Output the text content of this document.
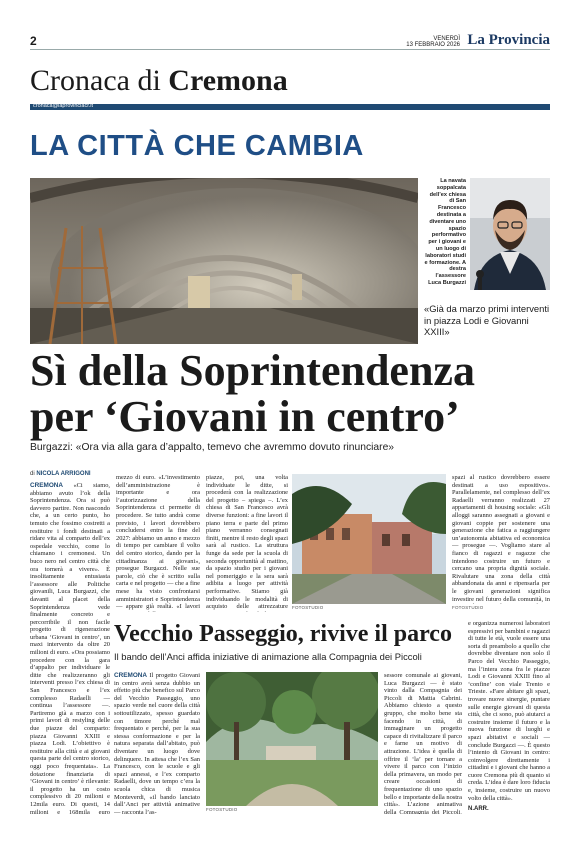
2	VENERDÌ
13 FEBBRAIO 2026 La Provincia
Cronaca di Cremona
cronaca@laprovinciacr.it
LA CITTÀ CHE CAMBIA
La navata soppalcata dell’ex chiesa di San Francesco destinata a diventare uno spazio performativo per i giovani e un luogo di laboratori studi e formazione. A destra l’assessore Luca Burgazzi
«Già da marzo primi interventi in piazza Lodi e Giovanni XXIII»
Sì della Soprintendenza
per ‘Giovani in centro’
Burgazzi: «Ora via alla gara d’appalto, temevo che avremmo dovuto rinunciare»
di NICOLA ARRIGONI
CREMONA «Ci siamo, abbiamo avuto l’ok della Soprintendenza. Ora si può davvero partire. Non nascondo che, a un certo punto, ho temuto che fossimo costretti a restituire i fondi destinati a ridare vita al comparto dell’ex ospedale vecchio, come lo chiamano i cremonesi. Un buco nero nel centro città che ora tornerà a vivere». È insolitamente entusiasta l’assessore alle Politiche giovanili, Luca Burgazzi, che davanti al placet della Soprintendenza vede finalmente concreto e percorribile il non facile progetto di rigenerazione urbana ‘Giovani in centro’, un maxi intervento da oltre 20 milioni di euro. «Ora possiamo procedere con la gara d’appalto per individuare le ditte che realizzeranno gli interventi presso l’ex chiesa di San Francesco e l’ex complesso Radaelli — continua l’assessore —. Partiremo già a marzo con i primi lavori di restyling delle due piazze del comparto: piazza Giovanni XXIII e piazza Lodi. L’obiettivo è restituire alla città e ai giovani questa parte del centro storico, oggi poco frequentata». La dotazione finanziaria di ‘Giovani in centro’ è rilevante: il progetto ha un costo complessivo di 20 milioni e 12mila euro. Di questi, 14 milioni e 168mila euro
mezzo di euro. «L’investimento dell’amministrazione è importante e ora l’autorizzazione della Soprintendenza ci permette di procedere. Se tutto andrà come previsto, i lavori dovrebbero concludersi entro la fine del 2027: abbiamo un anno e mezzo di tempo per cambiare il volto del centro storico, dando per la cittadinanza ai giovani», prosegue Burgazzi. Nelle sue parole, ciò che è scritto sulla carta e nel progetto — che a fine mese ha visto confrontarsi amministratori e Soprintendenza — appare già realtà. «I lavori
piazze, poi, una volta individuate le ditte, si procederà con la realizzazione del progetto – spiega –. L’ex chiesa di San Francesco avrà diverse funzioni: a fine lavori il piano terra e parte del primo piano verranno consegnati finiti, mentre il resto degli spazi sarà al rustico. La struttura funge da sede per la scuola di seconda opportunità al mattino, da spazio studio per i giovani nel pomeriggio e la sera sarà adibita a luogo per attività performative. Stiamo già individuando le modalità di acquisto delle attrezzature FOTOSTUDIO
spazi al rustico dovrebbero essere destinati a uso espositivo». Parallelamente, nel complesso dell’ex Radaelli verranno realizzati 27 appartamenti di housing sociale: «Gli alloggi saranno assegnati a giovani e giovani coppie per sostenere una generazione che fatica a raggiungere un’autonomia abitativa ed economica — prosegue —. Vogliamo stare al fianco di ragazzi e ragazze che intendono costruire un futuro e cercano una propria dignità sociale. Rivalutare una zona della città abbandonata da anni e ripensarla per le giovani generazioni significa investire nel futuro della comunità, in
FOTOSTUDIO
Vecchio Passeggio, rivive il parco
Il bando dell’Anci affida iniziative di animazione alla Compagnia dei Piccoli
CREMONA Il progetto Giovani in centro avrà senza dubbio un effetto più che benefico sul Parco del Vecchio Passeggio, uno spazio verde nel cuore della città sottoutilizzato, spesso guardato con timore perché mal frequentato e perché, per la sua stessa conformazione e per la natura separata dall’abitato, può diventare un luogo dove delinquere. In attesa che l’ex San Francesco, con le scuole e gli spazi annessi, e l’ex comparto Radaelli, dove un tempo c’era la scuola chica di musica Monteverdi, «il bando lanciato dall’Anci per attività animative — racconta l’as-	FOTOSTUDIO
sessore comunale ai giovani, Luca Burgazzi — è stato vinto dalla Compagnia dei Piccoli di Mattia Cabrini. Abbiamo chiesto a questo gruppo, che molto bene sta facendo in città, di immaginare un progetto capace di rivitalizzare il parco e farne un motivo di attrazione. L’idea è quella di offrire il ‘la’ per tornare a vivere il parco con l’inizio della primavera, un modo per creare occasioni di frequentazione di uno spazio bello e importante della nostra città». L’azione animativa della Compagnia dei Piccoli,
e organizza numerosi laboratori espressivi per bambini e ragazzi di tutte le età, vuole essere una sorta di preambolo a quello che dovrebbe diventare non solo il Parco del Vecchio Passeggio, ma l’intera zona fra le piazze Lodi e Giovanni XXIII fino al ‘confine’ con viale Trento e Trieste. «Fare abitare gli spazi, trovare nuove sinergie, puntare sulle energie giovani di questa città, che ci sono, può aiutarci a costruire insieme il futuro e la nuova funzione di luoghi e spazi abitativi e sociali — conclude Burgazzi —. È questo l’intento di Giovani in centro: coinvolgere direttamente i cittadini e i giovani che hanno a cuore Cremona più di quanto si creda. L’idea è dare loro fiducia e, insieme, costruire un nuovo volto della città».
N.ARR.
